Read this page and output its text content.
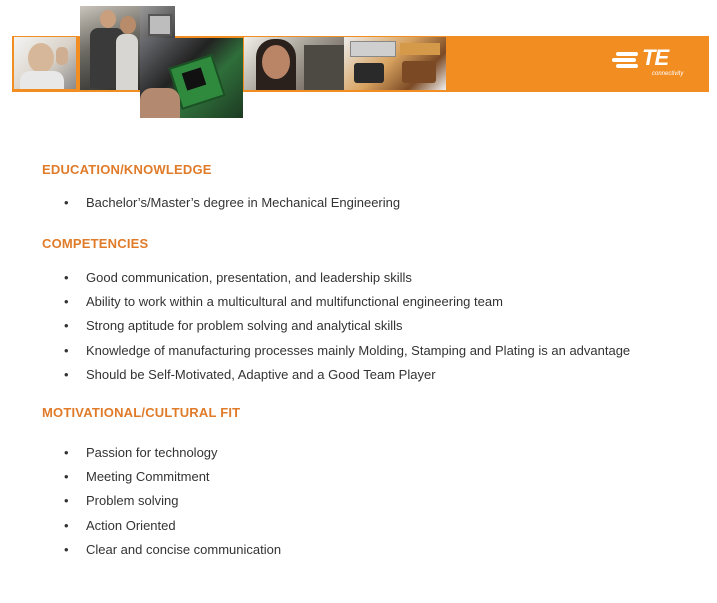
TE
connectivity
EDUCATION/KNOWLEDGE
• Bachelor’s/Master’s degree in Mechanical Engineering
COMPETENCIES
• Good communication, presentation, and leadership skills
• Ability to work within a multicultural and multifunctional engineering team
• Strong aptitude for problem solving and analytical skills
• Knowledge of manufacturing processes mainly Molding, Stamping and Plating is an advantage
• Should be Self-Motivated, Adaptive and a Good Team Player
MOTIVATIONAL/CULTURAL FIT
• Passion for technology
• Meeting Commitment
• Problem solving
• Action Oriented
• Clear and concise communication
